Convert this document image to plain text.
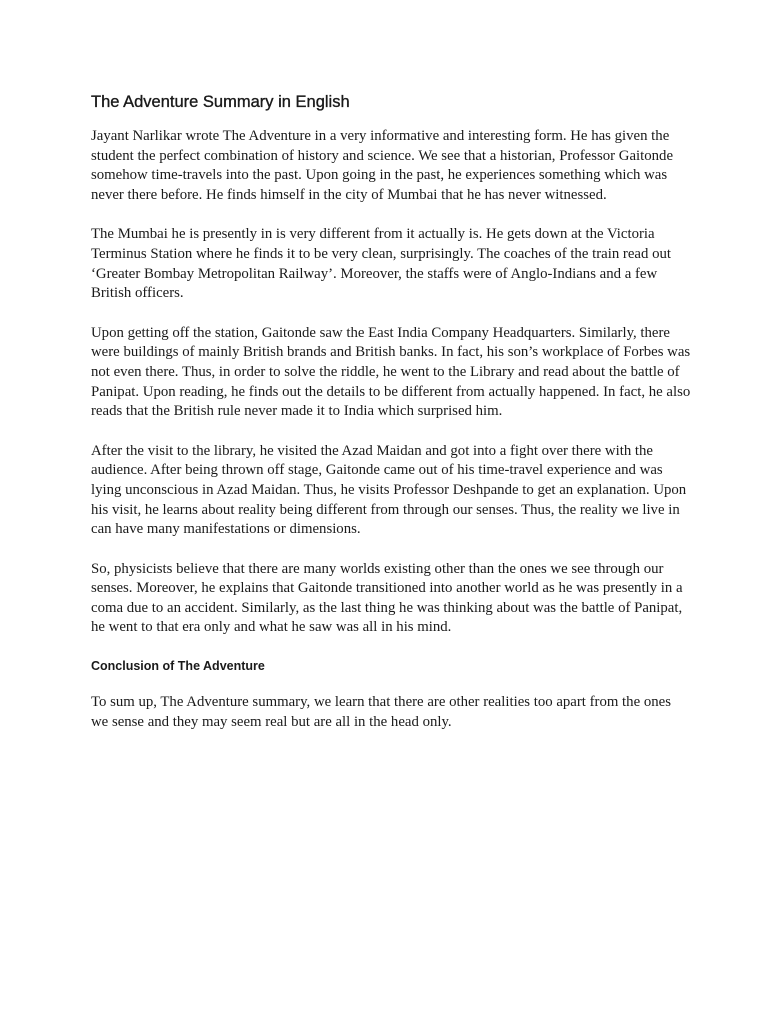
The Adventure Summary in English

Jayant Narlikar wrote The Adventure in a very informative and interesting form. He has given the student the perfect combination of history and science. We see that a historian, Professor Gaitonde somehow time-travels into the past. Upon going in the past, he experiences something which was never there before. He finds himself in the city of Mumbai that he has never witnessed.

The Mumbai he is presently in is very different from it actually is. He gets down at the Victoria Terminus Station where he finds it to be very clean, surprisingly. The coaches of the train read out ‘Greater Bombay Metropolitan Railway’. Moreover, the staffs were of Anglo-Indians and a few British officers.

Upon getting off the station, Gaitonde saw the East India Company Headquarters. Similarly, there were buildings of mainly British brands and British banks. In fact, his son’s workplace of Forbes was not even there. Thus, in order to solve the riddle, he went to the Library and read about the battle of Panipat. Upon reading, he finds out the details to be different from actually happened. In fact, he also reads that the British rule never made it to India which surprised him.

After the visit to the library, he visited the Azad Maidan and got into a fight over there with the audience. After being thrown off stage, Gaitonde came out of his time-travel experience and was lying unconscious in Azad Maidan. Thus, he visits Professor Deshpande to get an explanation. Upon his visit, he learns about reality being different from through our senses. Thus, the reality we live in can have many manifestations or dimensions.

So, physicists believe that there are many worlds existing other than the ones we see through our senses. Moreover, he explains that Gaitonde transitioned into another world as he was presently in a coma due to an accident. Similarly, as the last thing he was thinking about was the battle of Panipat, he went to that era only and what he saw was all in his mind.

Conclusion of The Adventure

To sum up, The Adventure summary, we learn that there are other realities too apart from the ones we sense and they may seem real but are all in the head only.
